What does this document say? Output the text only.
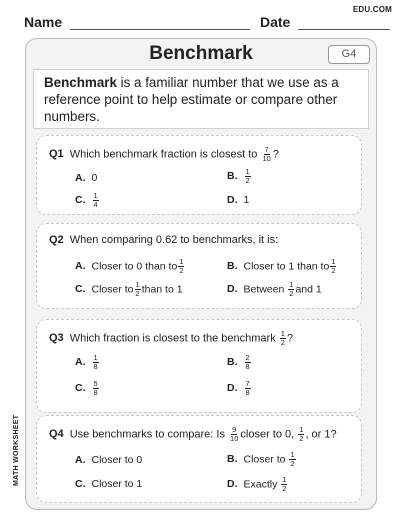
EDU.COM
Name	Date
Benchmark	G4
Benchmark is a familiar number that we use as a reference point to help estimate or compare other numbers.
Q1 Which benchmark fraction is closest to $\frac{7}{10}$ ?
A. 0	B. $\frac{1}{2}$
C. $\frac{1}{4}$	D. 1
Q2 When comparing 0.62 to benchmarks, it is:
A. Closer to 0 than to $\frac{1}{2}$	B. Closer to 1 than to $\frac{1}{2}$
C. Closer to $\frac{1}{2}$ than to 1	D. Between $\frac{1}{2}$ and 1
Q3 Which fraction is closest to the benchmark $\frac{1}{2}$ ?
A. $\frac{1}{8}$	B. $\frac{2}{8}$
C. $\frac{5}{8}$	D. $\frac{7}{8}$
Q4 Use benchmarks to compare: Is $\frac{9}{10}$ closer to 0, $\frac{1}{2}$ , or 1?
A. Closer to 0	B. Closer to $\frac{1}{2}$
C. Closer to 1	D. Exactly $\frac{1}{2}$
MATH WORKSHEET
